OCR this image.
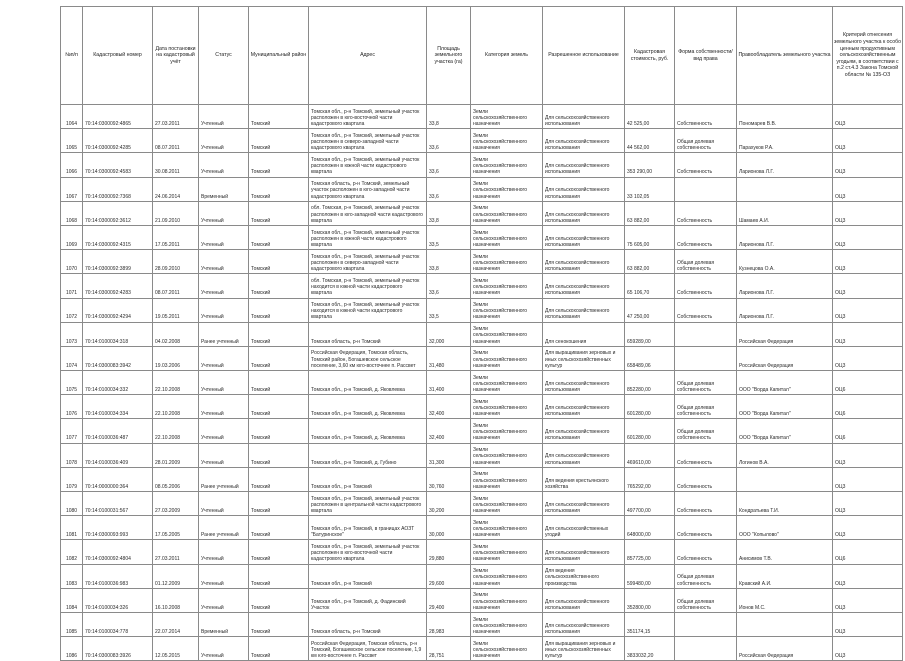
№п/п	Кадастровый номер	Дата постановки на кадастровый учёт	Статус	Муниципальный район	Адрес	Площадь земельного участка (га)	Категория земель	Разрешенное использование	Кадастровая стоимость, руб.	Форма собственности/вид права	Правообладатель земельного участка	Критерий отнесения земельного участка к особо ценным продуктивным сельскохозяйственным угодьям, в соответствии с п.2 ст.4.3 Закона Томской области № 135-ОЗ
1064	70:14:0300092:4865	27.03.2011	Учтенный	Томский	Томская обл., р-н Томский, земельный участок расположен в юго-восточной части кадастрового квартала	33,8	Земли сельскохозяйственного назначения	Для сельскохозяйственного использования	42 525,00	Собственность	Пономарев В.В.	ОЦ3
1065	70:14:0300092:4285	08.07.2011	Учтенный	Томский	Томская обл., р-н Томский, земельный участок расположен в северо-западной части кадастрового квартала	33,6	Земли сельскохозяйственного назначения	Для сельскохозяйственного использования	44 562,00	Общая долевая собственность	Парахуков Р.А.	ОЦ3
1066	70:14:0300092:4583	30.08.2011	Учтенный	Томский	Томская обл., р-н Томский, земельный участок расположен в южной части кадастрового квартала	33,6	Земли сельскохозяйственного назначения	Для сельскохозяйственного использования	353 290,00	Собственность	Ларионова Л.Г.	ОЦ3
1067	70:14:0300092:7368	24.06.2014	Временный	Томский	Томская область, р-н Томский, земельный участок расположен в юго-западной части кадастрового квартала	33,6	Земли сельскохозяйственного назначения	Для сельскохозяйственного использования	33 102,05			ОЦ3
1068	70:14:0300092:3612	21.09.2010	Учтенный	Томский	обл. Томская, р-н Томский, земельный участок расположен в юго-западной части кадастрового квартала	33,8	Земли сельскохозяйственного назначения	Для сельскохозяйственного использования	63 882,00	Собственность	Шамаев А.И.	ОЦ3
1069	70:14:0300092:4315	17.05.2011	Учтенный	Томский	Томская обл., р-н Томский, земельный участок расположен в южной части кадастрового квартала	33,5	Земли сельскохозяйственного назначения	Для сельскохозяйственного использования	75 605,00	Собственность	Ларионова Л.Г.	ОЦ3
1070	70:14:0300092:3899	28.09.2010	Учтенный	Томский	Томская обл., р-н Томский, земельный участок расположен в северо-западной части кадастрового квартала	33,8	Земли сельскохозяйственного назначения	Для сельскохозяйственного использования	63 882,00	Общая долевая собственность	Кузнецова О.А.	ОЦ3
1071	70:14:0300092:4283	08.07.2011	Учтенный	Томский	обл. Томская, р-н Томский, земельный участок находится в южной части кадастрового квартала	33,6	Земли сельскохозяйственного назначения	Для сельскохозяйственного использования	65 106,70	Собственность	Ларионова Л.Г.	ОЦ3
1072	70:14:0300092:4294	19.05.2011	Учтенный	Томский	Томская обл., р-н Томский, земельный участок находится в южной части кадастрового квартала	33,5	Земли сельскохозяйственного назначения	Для сельскохозяйственного использования	47 250,00	Собственность	Ларионова Л.Г.	ОЦ3
1073	70:14:0100034:318	04.02.2008	Ранее учтенный	Томский	Томская область, р-н Томский	32,000	Земли сельскохозяйственного назначения	Для сенокошения	659289,00		Российская Федерация	ОЦ3
1074	70:14:0300083:3942	19.03.2006	Учтенный	Томский	Российская Федерация, Томская область, Томский район, Богашевское сельское поселение, 3,60 км юго-восточнее п. Рассвет	31,480	Земли сельскохозяйственного назначения	Для выращивания зерновых и иных сельскохозяйственных культур	658489,06		Российская Федерация	ОЦ3
1075	70:14:0100034:332	22.10.2008	Учтенный	Томский	Томская обл., р-н Томский, д. Яковлевка	31,400	Земли сельскохозяйственного назначения	Для сельскохозяйственного использования	852280,00	Общая долевая собственность	ООО "Ворда Капитал"	ОЦ6
1076	70:14:0100034:334	22.10.2008	Учтенный	Томский	Томская обл., р-н Томский, д. Яковлевка	32,400	Земли сельскохозяйственного назначения	Для сельскохозяйственного использования	601280,00	Общая долевая собственность	ООО "Ворда Капитал"	ОЦ6
1077	70:14:0100036:487	22.10.2008	Учтенный	Томский	Томская обл., р-н Томский, д. Яковлевка	32,400	Земли сельскохозяйственного назначения	Для сельскохозяйственного использования	601280,00	Общая долевая собственность	ООО "Ворда Капитал"	ОЦ6
1078	70:14:0100036:409	28.01.2009	Учтенный	Томский	Томская обл., р-н Томский, д. Губино	31,300	Земли сельскохозяйственного назначения	Для сельскохозяйственного использования	469610,00	Собственность	Логинов В.А.	ОЦ3
1079	70:14:0000000:364	08.05.2006	Ранее учтенный	Томский	Томская обл., р-н Томский	30,760	Земли сельскохозяйственного назначения	Для ведения крестьянского хозяйства	765292,00	Собственность		ОЦ3
1080	70:14:0100031:567	27.03.2009	Учтенный	Томский	Томская обл., р-н Томский, земельный участок расположен в центральной части кадастрового квартала	30,200	Земли сельскохозяйственного назначения	Для сельскохозяйственного использования	497700,00	Собственность	Кондратьева Т.И.	ОЦ3
1081	70:14:0300093:993	17.05.2005	Ранее учтенный	Томский	Томская обл., р-н Томский, в границах АОЗТ "Батуринское"	30,000	Земли сельскохозяйственного назначения	Для сельскохозяйственных угодий	648000,00	Собственность	ООО "Копылово"	ОЦ3
1082	70:14:0300092:4804	27.03.2011	Учтенный	Томский	Томская обл., р-н Томский, земельный участок расположен в юго-восточной части кадастрового квартала	29,880	Земли сельскохозяйственного назначения	Для сельскохозяйственного использования	857725,00	Собственность	Анисимов Т.В.	ОЦ6
1083	70:14:0100036:983	01.12.2009	Учтенный	Томский	Томская обл., р-н Томский	29,600	Земли сельскохозяйственного назначения	Для ведения сельскохозяйственного производства	599480,00	Общая долевая собственность	Кравский А.И.	ОЦ3
1084	70:14:0100034:326	16.10.2008	Учтенный	Томский	Томская обл., р-н Томский, д. Фадинский Участок	29,400	Земли сельскохозяйственного назначения	Для сельскохозяйственного использования	352800,00	Общая долевая собственность	Ионов М.С.	ОЦ3
1085	70:14:0100034:778	22.07.2014	Временный	Томский	Томская область, р-н Томский	28,983	Земли сельскохозяйственного назначения	Для сельскохозяйственного использования	351174,15			ОЦ3
1086	70:14:0300083:3926	12.05.2015	Учтенный	Томский	Российская Федерация, Томская область, р-н Томский, Богашевское сельское поселение, 1,9 км юго-восточнее п. Рассвет	28,751	Земли сельскохозяйственного назначения	Для выращивания зерновых и иных сельскохозяйственных культур	3833032,20		Российская Федерация	ОЦ3
